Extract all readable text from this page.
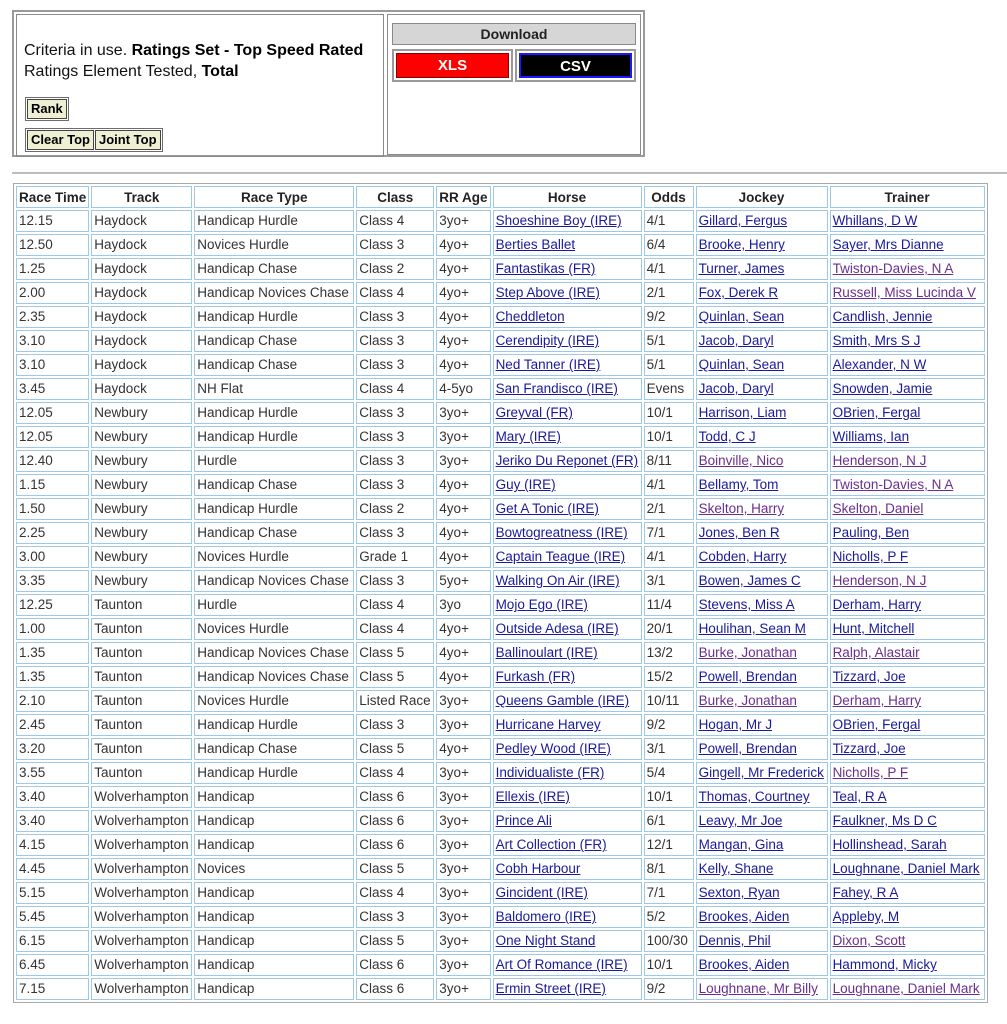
Criteria in use. Ratings Set - Top Speed Rated
Ratings Element Tested, Total
Rank
Clear Top Joint Top
Download
XLS	CSV
Race Time	Track	Race Type	Class	RR Age	Horse	Odds	Jockey	Trainer
12.15	Haydock	Handicap Hurdle	Class 4	3yo+	Shoeshine Boy (IRE)	4/1	Gillard, Fergus	Whillans, D W
12.50	Haydock	Novices Hurdle	Class 3	4yo+	Berties Ballet	6/4	Brooke, Henry	Sayer, Mrs Dianne
1.25	Haydock	Handicap Chase	Class 2	4yo+	Fantastikas (FR)	4/1	Turner, James	Twiston-Davies, N A
2.00	Haydock	Handicap Novices Chase	Class 4	4yo+	Step Above (IRE)	2/1	Fox, Derek R	Russell, Miss Lucinda V
2.35	Haydock	Handicap Hurdle	Class 3	4yo+	Cheddleton	9/2	Quinlan, Sean	Candlish, Jennie
3.10	Haydock	Handicap Chase	Class 3	4yo+	Cerendipity (IRE)	5/1	Jacob, Daryl	Smith, Mrs S J
3.10	Haydock	Handicap Chase	Class 3	4yo+	Ned Tanner (IRE)	5/1	Quinlan, Sean	Alexander, N W
3.45	Haydock	NH Flat	Class 4	4-5yo	San Frandisco (IRE)	Evens	Jacob, Daryl	Snowden, Jamie
12.05	Newbury	Handicap Hurdle	Class 3	3yo+	Greyval (FR)	10/1	Harrison, Liam	OBrien, Fergal
12.05	Newbury	Handicap Hurdle	Class 3	3yo+	Mary (IRE)	10/1	Todd, C J	Williams, Ian
12.40	Newbury	Hurdle	Class 3	3yo+	Jeriko Du Reponet (FR)	8/11	Boinville, Nico	Henderson, N J
1.15	Newbury	Handicap Chase	Class 3	4yo+	Guy (IRE)	4/1	Bellamy, Tom	Twiston-Davies, N A
1.50	Newbury	Handicap Hurdle	Class 2	4yo+	Get A Tonic (IRE)	2/1	Skelton, Harry	Skelton, Daniel
2.25	Newbury	Handicap Chase	Class 3	4yo+	Bowtogreatness (IRE)	7/1	Jones, Ben R	Pauling, Ben
3.00	Newbury	Novices Hurdle	Grade 1	4yo+	Captain Teague (IRE)	4/1	Cobden, Harry	Nicholls, P F
3.35	Newbury	Handicap Novices Chase	Class 3	5yo+	Walking On Air (IRE)	3/1	Bowen, James C	Henderson, N J
12.25	Taunton	Hurdle	Class 4	3yo	Mojo Ego (IRE)	11/4	Stevens, Miss A	Derham, Harry
1.00	Taunton	Novices Hurdle	Class 4	4yo+	Outside Adesa (IRE)	20/1	Houlihan, Sean M	Hunt, Mitchell
1.35	Taunton	Handicap Novices Chase	Class 5	4yo+	Ballinoulart (IRE)	13/2	Burke, Jonathan	Ralph, Alastair
1.35	Taunton	Handicap Novices Chase	Class 5	4yo+	Furkash (FR)	15/2	Powell, Brendan	Tizzard, Joe
2.10	Taunton	Novices Hurdle	Listed Race	3yo+	Queens Gamble (IRE)	10/11	Burke, Jonathan	Derham, Harry
2.45	Taunton	Handicap Hurdle	Class 3	3yo+	Hurricane Harvey	9/2	Hogan, Mr J	OBrien, Fergal
3.20	Taunton	Handicap Chase	Class 5	4yo+	Pedley Wood (IRE)	3/1	Powell, Brendan	Tizzard, Joe
3.55	Taunton	Handicap Hurdle	Class 4	3yo+	Individualiste (FR)	5/4	Gingell, Mr Frederick	Nicholls, P F
3.40	Wolverhampton	Handicap	Class 6	3yo+	Ellexis (IRE)	10/1	Thomas, Courtney	Teal, R A
3.40	Wolverhampton	Handicap	Class 6	3yo+	Prince Ali	6/1	Leavy, Mr Joe	Faulkner, Ms D C
4.15	Wolverhampton	Handicap	Class 6	3yo+	Art Collection (FR)	12/1	Mangan, Gina	Hollinshead, Sarah
4.45	Wolverhampton	Novices	Class 5	3yo+	Cobh Harbour	8/1	Kelly, Shane	Loughnane, Daniel Mark
5.15	Wolverhampton	Handicap	Class 4	3yo+	Gincident (IRE)	7/1	Sexton, Ryan	Fahey, R A
5.45	Wolverhampton	Handicap	Class 3	3yo+	Baldomero (IRE)	5/2	Brookes, Aiden	Appleby, M
6.15	Wolverhampton	Handicap	Class 5	3yo+	One Night Stand	100/30	Dennis, Phil	Dixon, Scott
6.45	Wolverhampton	Handicap	Class 6	3yo+	Art Of Romance (IRE)	10/1	Brookes, Aiden	Hammond, Micky
7.15	Wolverhampton	Handicap	Class 6	3yo+	Ermin Street (IRE)	9/2	Loughnane, Mr Billy	Loughnane, Daniel Mark
